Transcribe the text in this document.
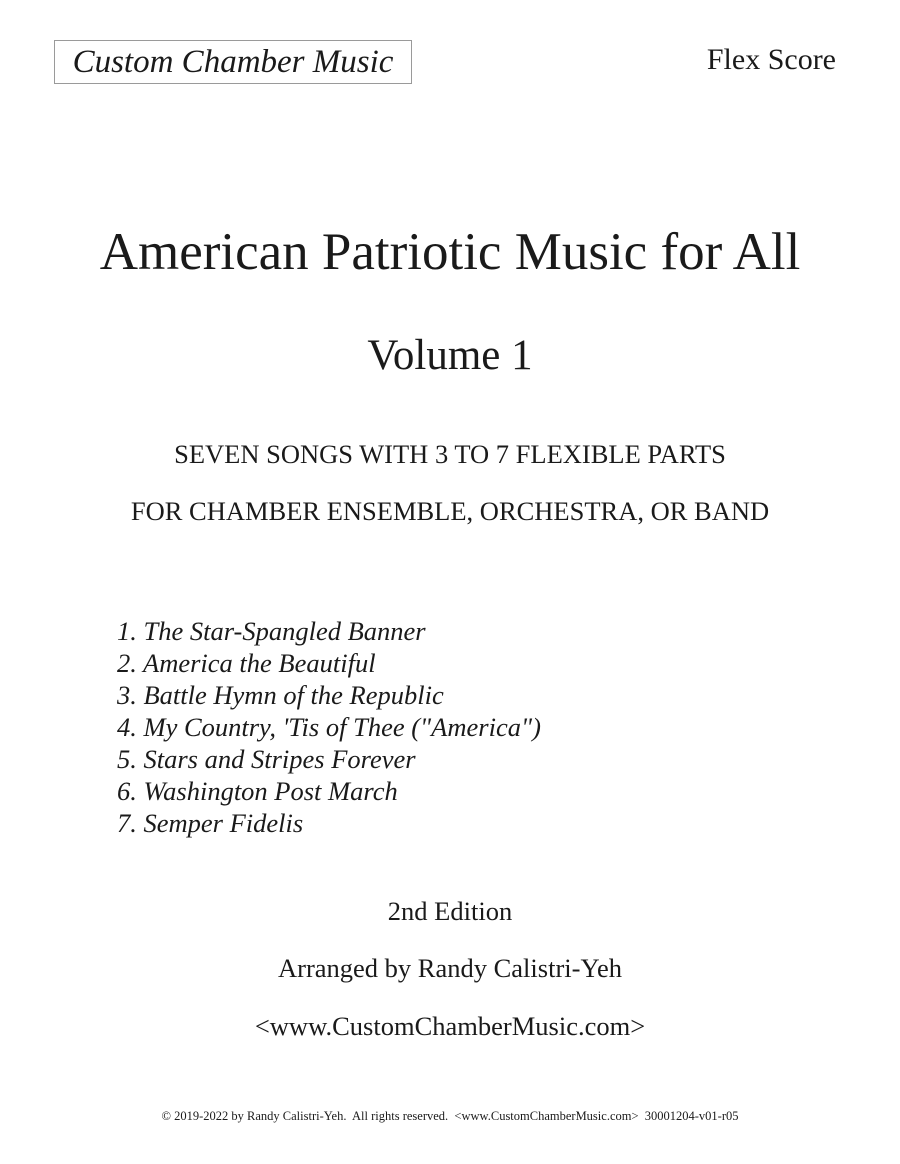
Custom Chamber Music	Flex Score
American Patriotic Music for All
Volume 1
SEVEN SONGS WITH 3 TO 7 FLEXIBLE PARTS
FOR CHAMBER ENSEMBLE, ORCHESTRA, OR BAND
1. The Star-Spangled Banner
2. America the Beautiful
3. Battle Hymn of the Republic
4. My Country, 'Tis of Thee ("America")
5. Stars and Stripes Forever
6. Washington Post March
7. Semper Fidelis
2nd Edition
Arranged by Randy Calistri-Yeh
<www.CustomChamberMusic.com>
© 2019-2022 by Randy Calistri-Yeh.  All rights reserved.  <www.CustomChamberMusic.com>  30001204-v01-r05
